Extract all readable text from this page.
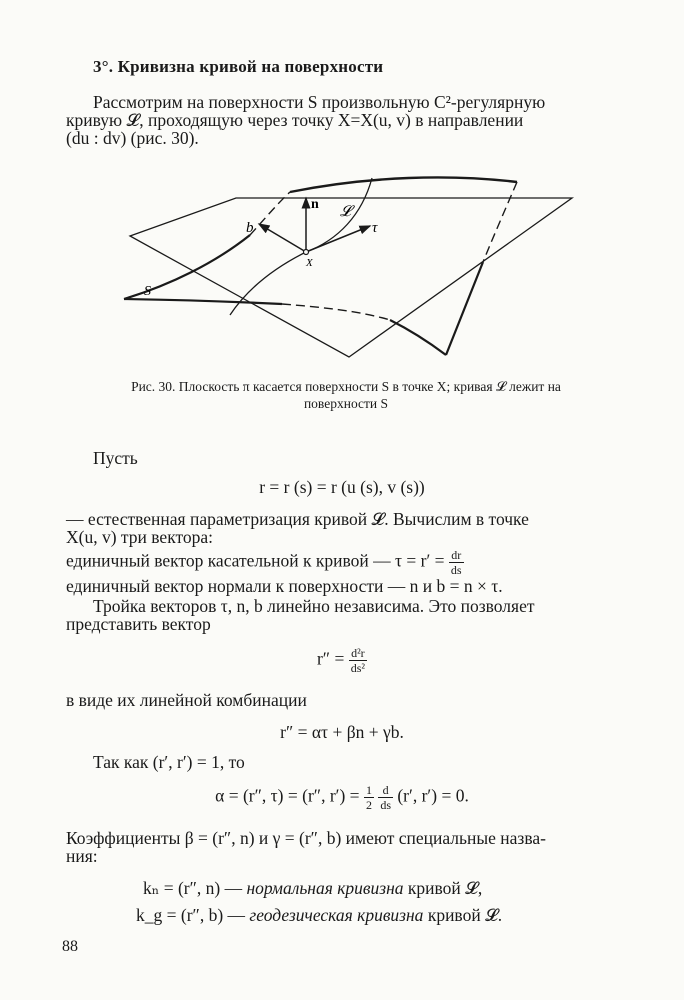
3°. Кривизна кривой на поверхности
Рассмотрим на поверхности S произвольную C²-регулярную
кривую 𝓛, проходящую через точку X=X(u, v) в направлении
(du : dv) (рис. 30).
n
b	τ
X
𝓛
S
Рис. 30. Плоскость π касается поверхности S в точке X; кривая 𝓛 лежит на
поверхности S
Пусть
r = r (s) = r (u (s), v (s))
— естественная параметризация кривой 𝓛. Вычислим в точке
X(u, v) три вектора:
единичный вектор касательной к кривой — $\tau = r' = \frac{dr}{ds}$
единичный вектор нормали к поверхности — n и b = n × τ.
Тройка векторов τ, n, b линейно независима. Это позволяет
представить вектор
$r'' = \frac{\text{d²r}}{\text{ds²}}$
в виде их линейной комбинации
r″ = ατ + βn + γb.
Так как (r′, r′) = 1, то
α = (r″, τ) = (r″, $r') = \frac{1}{2}$
$\frac{d}{ds} (r'$, r′) = 0.
Коэффициенты β = (r″, n) и γ = (r″, b) имеют специальные назва-
ния:
kₙ = (r″, n) — нормальная кривизна кривой 𝓛,
k_g = (r″, b) — геодезическая кривизна кривой 𝓛.
88
